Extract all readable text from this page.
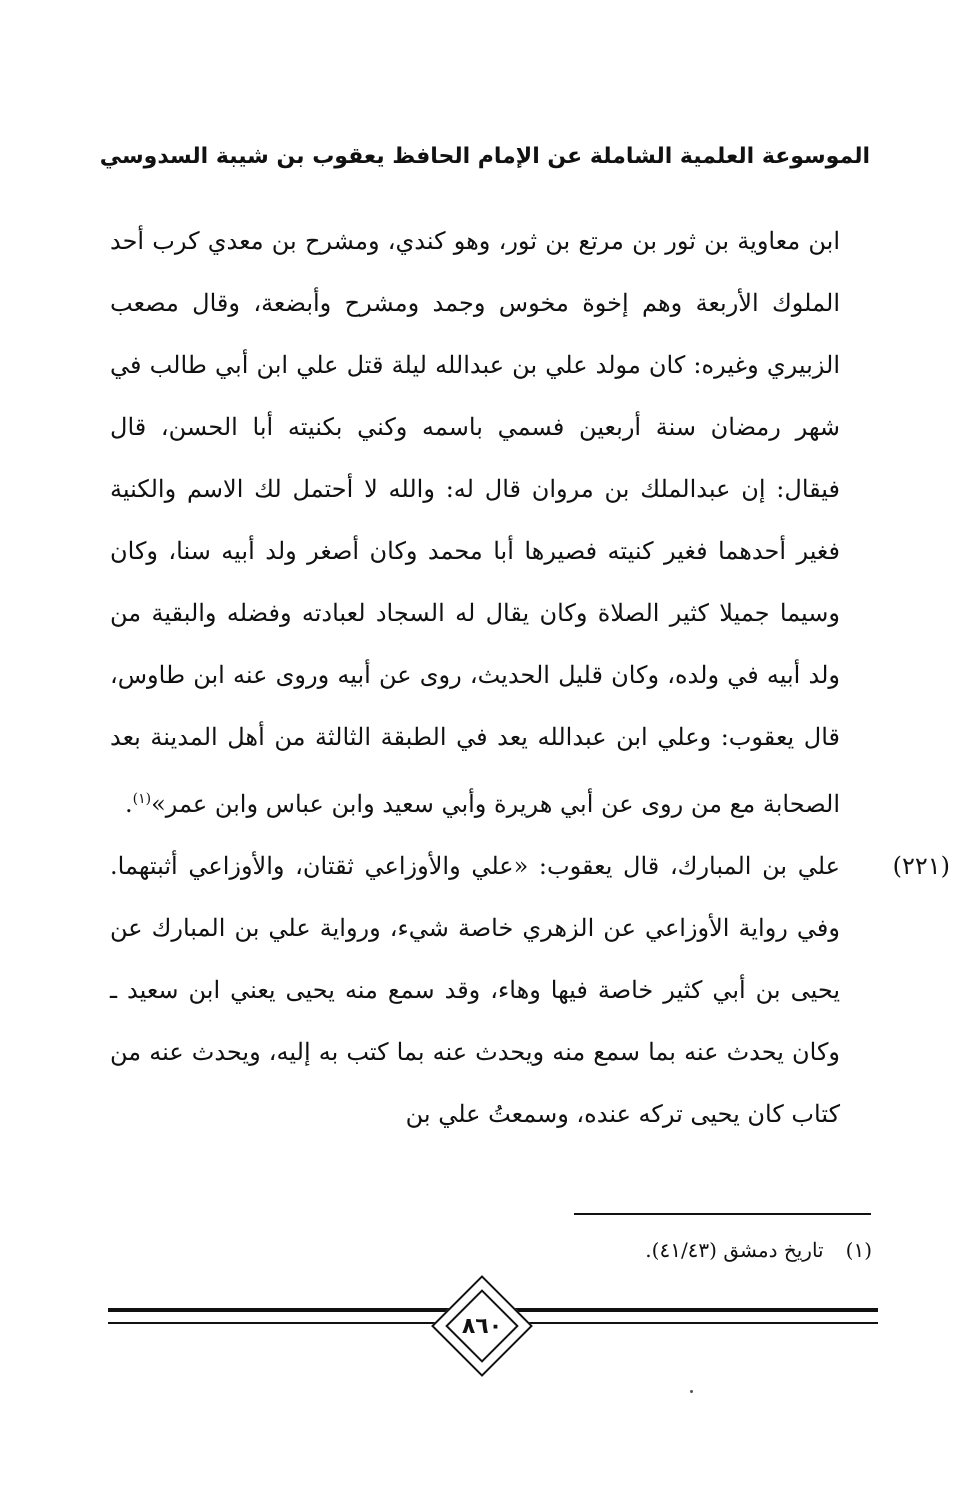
الموسوعة العلمية الشاملة عن الإمام الحافظ يعقوب بن شيبة السدوسي

ابن معاوية بن ثور بن مرتع بن ثور، وهو كندي، ومشرح بن معدي كرب أحد الملوك الأربعة وهم إخوة مخوس وجمد ومشرح وأبضعة، وقال مصعب الزبيري وغيره: كان مولد علي بن عبدالله ليلة قتل علي ابن أبي طالب في شهر رمضان سنة أربعين فسمي باسمه وكني بكنيته أبا الحسن، قال فيقال: إن عبدالملك بن مروان قال له: والله لا أحتمل لك الاسم والكنية فغير أحدهما فغير كنيته فصيرها أبا محمد وكان أصغر ولد أبيه سنا، وكان وسيما جميلا كثير الصلاة وكان يقال له السجاد لعبادته وفضله والبقية من ولد أبيه في ولده، وكان قليل الحديث، روى عن أبيه وروى عنه ابن طاوس، قال يعقوب: وعلي ابن عبدالله يعد في الطبقة الثالثة من أهل المدينة بعد الصحابة مع من روى عن أبي هريرة وأبي سعيد وابن عباس وابن عمر»$^{(١)}$.

(٢٢١)

علي بن المبارك، قال يعقوب: «علي والأوزاعي ثقتان، والأوزاعي أثبتهما. وفي رواية الأوزاعي عن الزهري خاصة شيء، ورواية علي بن المبارك عن يحيى بن أبي كثير خاصة فيها وهاء، وقد سمع منه يحيى يعني ابن سعيد ـ وكان يحدث عنه بما سمع منه ويحدث عنه بما كتب به إليه، ويحدث عنه من كتاب كان يحيى تركه عنده، وسمعتُ علي بن

(١)تاريخ دمشق (٤١/٤٣).
٨٦٠
